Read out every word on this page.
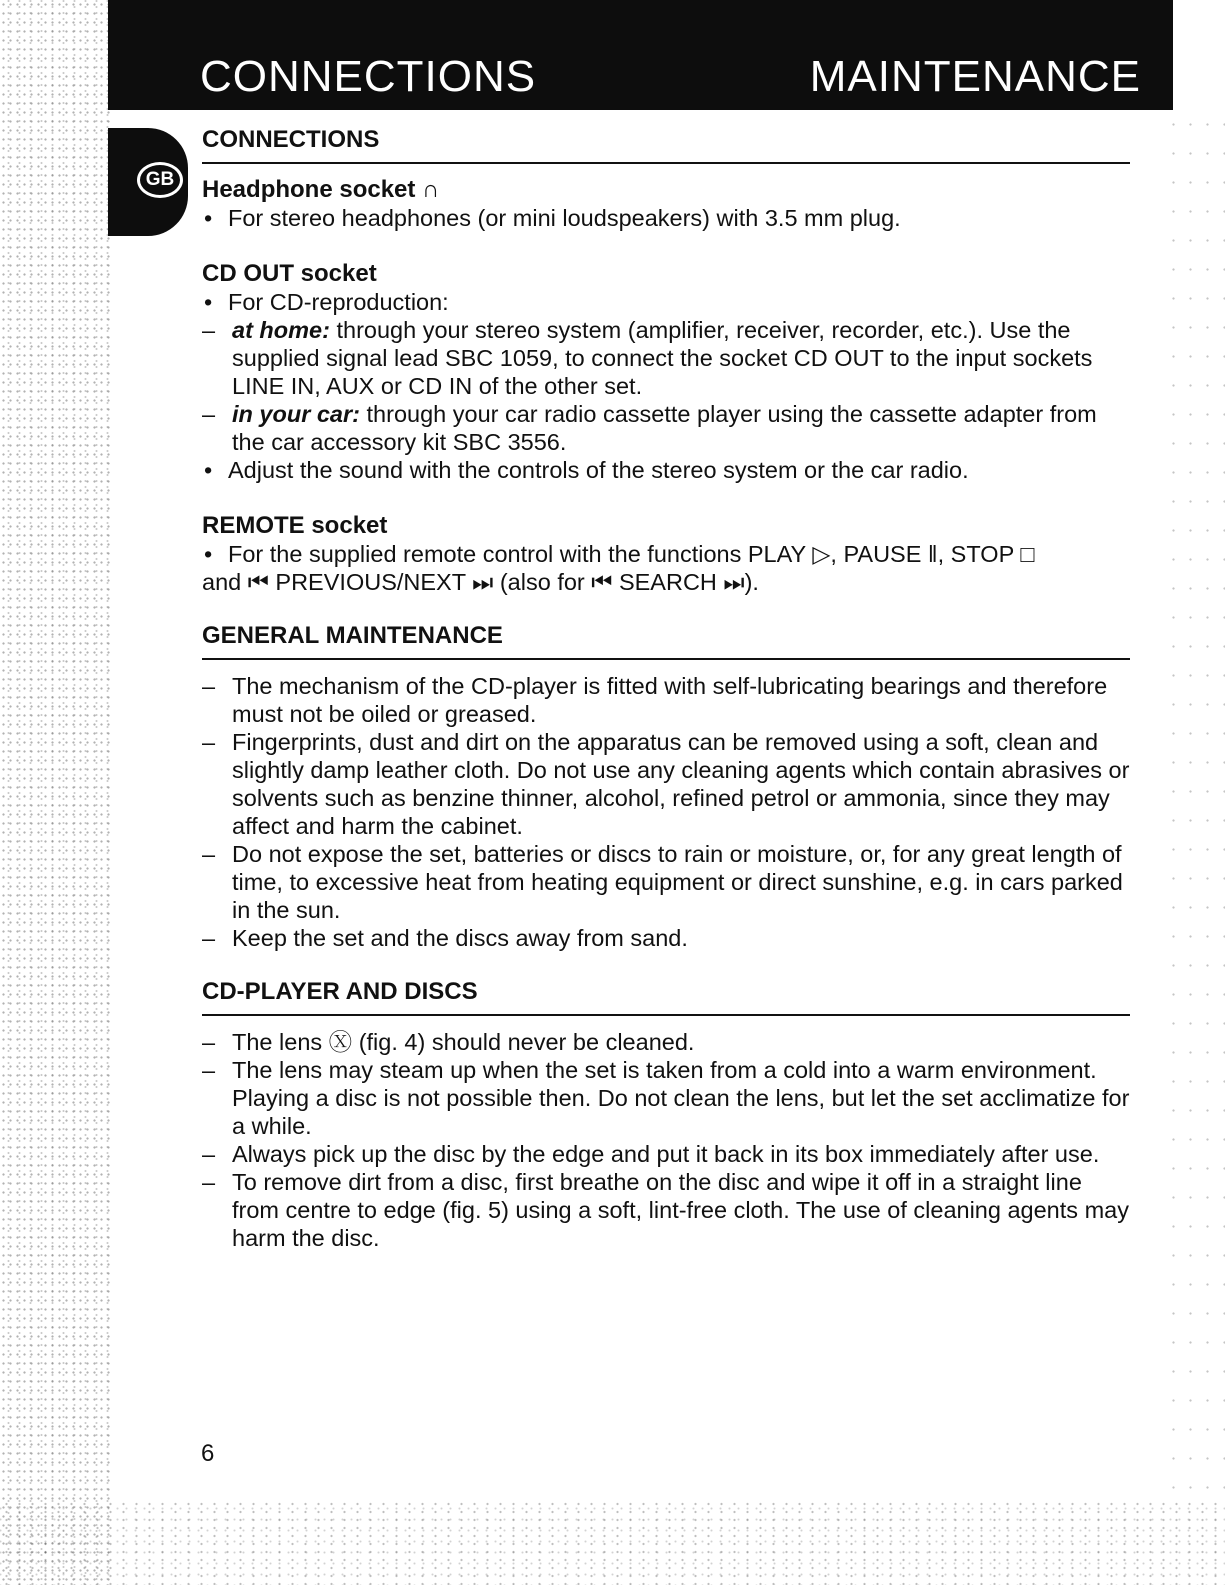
CONNECTIONS	MAINTENANCE
GB
CONNECTIONS
Headphone socket ∩
• For stereo headphones (or mini loudspeakers) with 3.5 mm plug.
CD OUT socket
• For CD-reproduction:
– at home: through your stereo system (amplifier, receiver, recorder, etc.). Use the supplied signal lead SBC 1059, to connect the socket CD OUT to the input sockets LINE IN, AUX or CD IN of the other set.
– in your car: through your car radio cassette player using the cassette adapter from the car accessory kit SBC 3556.
• Adjust the sound with the controls of the stereo system or the car radio.
REMOTE socket
• For the supplied remote control with the functions PLAY ▷, PAUSE ‖, STOP □
and ⏮ PREVIOUS/NEXT ⏭ (also for ⏮ SEARCH ⏭).
GENERAL MAINTENANCE
– The mechanism of the CD-player is fitted with self-lubricating bearings and therefore must not be oiled or greased.
– Fingerprints, dust and dirt on the apparatus can be removed using a soft, clean and slightly damp leather cloth. Do not use any cleaning agents which contain abrasives or solvents such as benzine thinner, alcohol, refined petrol or ammonia, since they may affect and harm the cabinet.
– Do not expose the set, batteries or discs to rain or moisture, or, for any great length of time, to excessive heat from heating equipment or direct sunshine, e.g. in cars parked in the sun.
– Keep the set and the discs away from sand.
CD-PLAYER AND DISCS
– The lens Ⓧ (fig. 4) should never be cleaned.
– The lens may steam up when the set is taken from a cold into a warm environment. Playing a disc is not possible then. Do not clean the lens, but let the set acclimatize for a while.
– Always pick up the disc by the edge and put it back in its box immediately after use.
– To remove dirt from a disc, first breathe on the disc and wipe it off in a straight line from centre to edge (fig. 5) using a soft, lint-free cloth. The use of cleaning agents may harm the disc.
6
